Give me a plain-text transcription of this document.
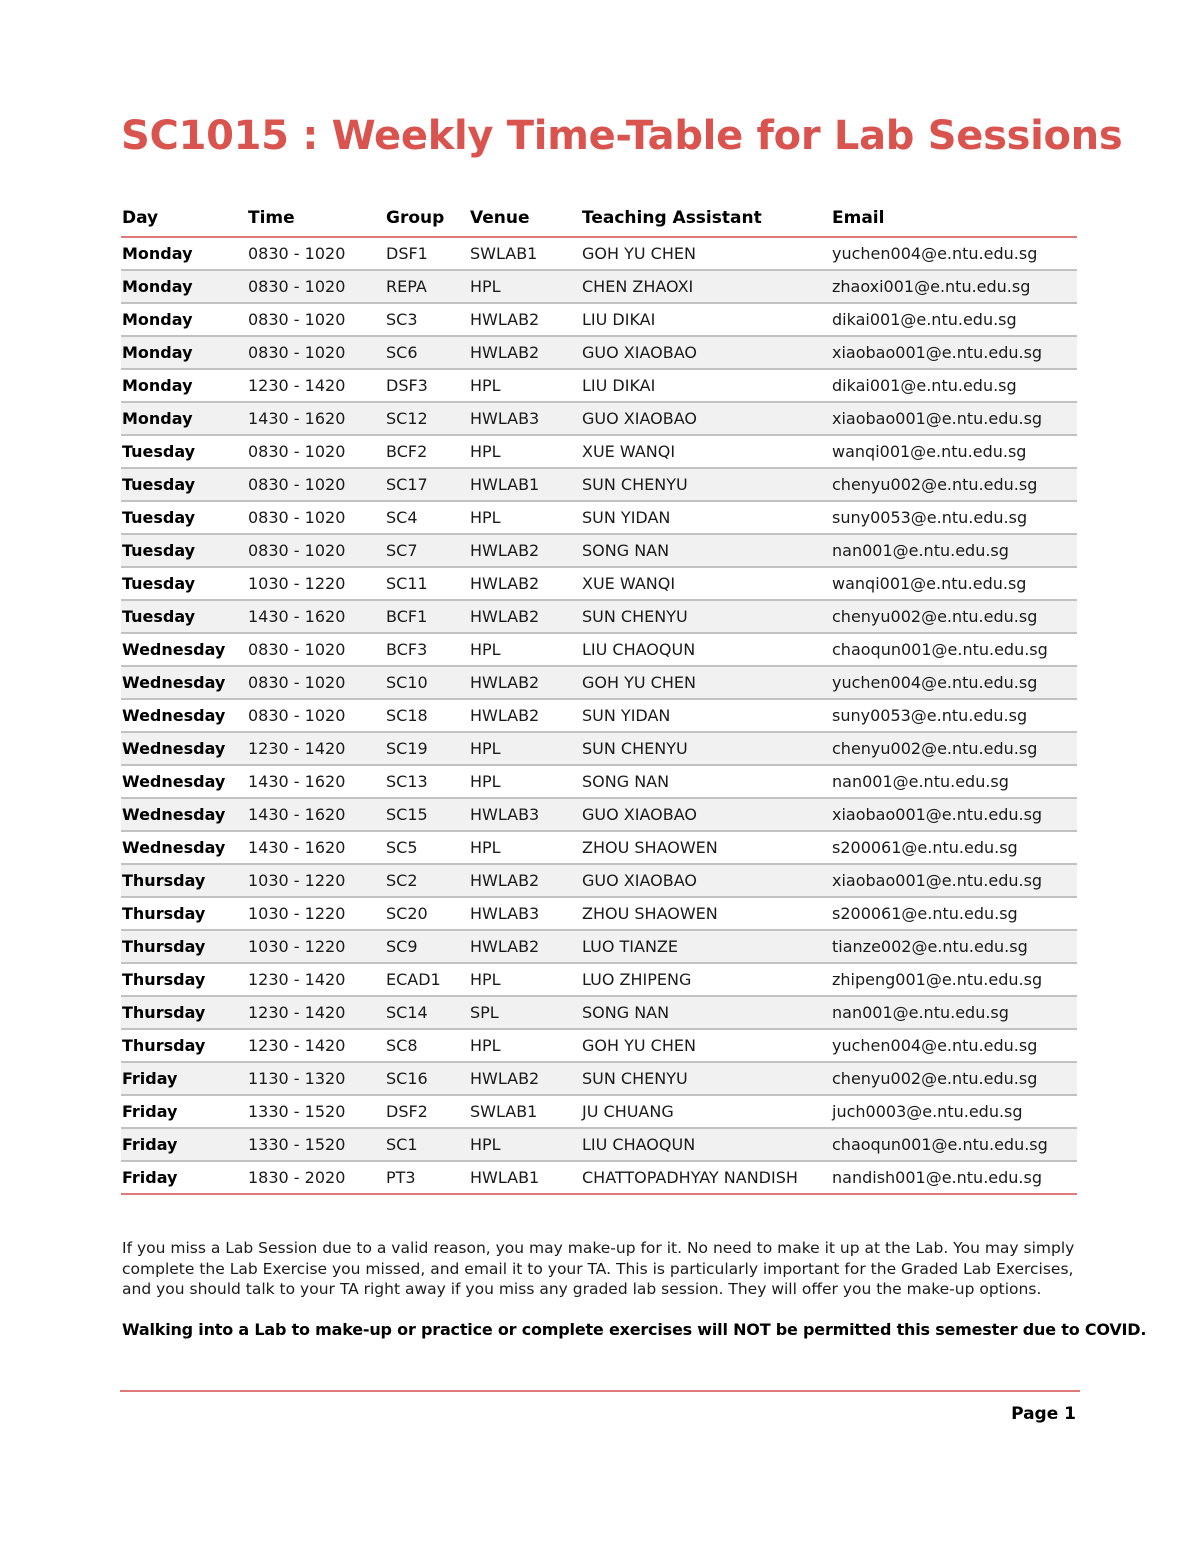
SC1015 : Weekly Time-Table for Lab Sessions
Day	Time	Group	Venue	Teaching Assistant	Email
Monday	0830 - 1020	DSF1	SWLAB1	GOH YU CHEN	yuchen004@e.ntu.edu.sg
Monday	0830 - 1020	REPA	HPL	CHEN ZHAOXI	zhaoxi001@e.ntu.edu.sg
Monday	0830 - 1020	SC3	HWLAB2	LIU DIKAI	dikai001@e.ntu.edu.sg
Monday	0830 - 1020	SC6	HWLAB2	GUO XIAOBAO	xiaobao001@e.ntu.edu.sg
Monday	1230 - 1420	DSF3	HPL	LIU DIKAI	dikai001@e.ntu.edu.sg
Monday	1430 - 1620	SC12	HWLAB3	GUO XIAOBAO	xiaobao001@e.ntu.edu.sg
Tuesday	0830 - 1020	BCF2	HPL	XUE WANQI	wanqi001@e.ntu.edu.sg
Tuesday	0830 - 1020	SC17	HWLAB1	SUN CHENYU	chenyu002@e.ntu.edu.sg
Tuesday	0830 - 1020	SC4	HPL	SUN YIDAN	suny0053@e.ntu.edu.sg
Tuesday	0830 - 1020	SC7	HWLAB2	SONG NAN	nan001@e.ntu.edu.sg
Tuesday	1030 - 1220	SC11	HWLAB2	XUE WANQI	wanqi001@e.ntu.edu.sg
Tuesday	1430 - 1620	BCF1	HWLAB2	SUN CHENYU	chenyu002@e.ntu.edu.sg
Wednesday	0830 - 1020	BCF3	HPL	LIU CHAOQUN	chaoqun001@e.ntu.edu.sg
Wednesday	0830 - 1020	SC10	HWLAB2	GOH YU CHEN	yuchen004@e.ntu.edu.sg
Wednesday	0830 - 1020	SC18	HWLAB2	SUN YIDAN	suny0053@e.ntu.edu.sg
Wednesday	1230 - 1420	SC19	HPL	SUN CHENYU	chenyu002@e.ntu.edu.sg
Wednesday	1430 - 1620	SC13	HPL	SONG NAN	nan001@e.ntu.edu.sg
Wednesday	1430 - 1620	SC15	HWLAB3	GUO XIAOBAO	xiaobao001@e.ntu.edu.sg
Wednesday	1430 - 1620	SC5	HPL	ZHOU SHAOWEN	s200061@e.ntu.edu.sg
Thursday	1030 - 1220	SC2	HWLAB2	GUO XIAOBAO	xiaobao001@e.ntu.edu.sg
Thursday	1030 - 1220	SC20	HWLAB3	ZHOU SHAOWEN	s200061@e.ntu.edu.sg
Thursday	1030 - 1220	SC9	HWLAB2	LUO TIANZE	tianze002@e.ntu.edu.sg
Thursday	1230 - 1420	ECAD1	HPL	LUO ZHIPENG	zhipeng001@e.ntu.edu.sg
Thursday	1230 - 1420	SC14	SPL	SONG NAN	nan001@e.ntu.edu.sg
Thursday	1230 - 1420	SC8	HPL	GOH YU CHEN	yuchen004@e.ntu.edu.sg
Friday	1130 - 1320	SC16	HWLAB2	SUN CHENYU	chenyu002@e.ntu.edu.sg
Friday	1330 - 1520	DSF2	SWLAB1	JU CHUANG	juch0003@e.ntu.edu.sg
Friday	1330 - 1520	SC1	HPL	LIU CHAOQUN	chaoqun001@e.ntu.edu.sg
Friday	1830 - 2020	PT3	HWLAB1	CHATTOPADHYAY NANDISH	nandish001@e.ntu.edu.sg

If you miss a Lab Session due to a valid reason, you may make-up for it. No need to make it up at the Lab. You may simply complete the Lab Exercise you missed, and email it to your TA. This is particularly important for the Graded Lab Exercises, and you should talk to your TA right away if you miss any graded lab session. They will offer you the make-up options.

Walking into a Lab to make-up or practice or complete exercises will NOT be permitted this semester due to COVID.

Page 1
